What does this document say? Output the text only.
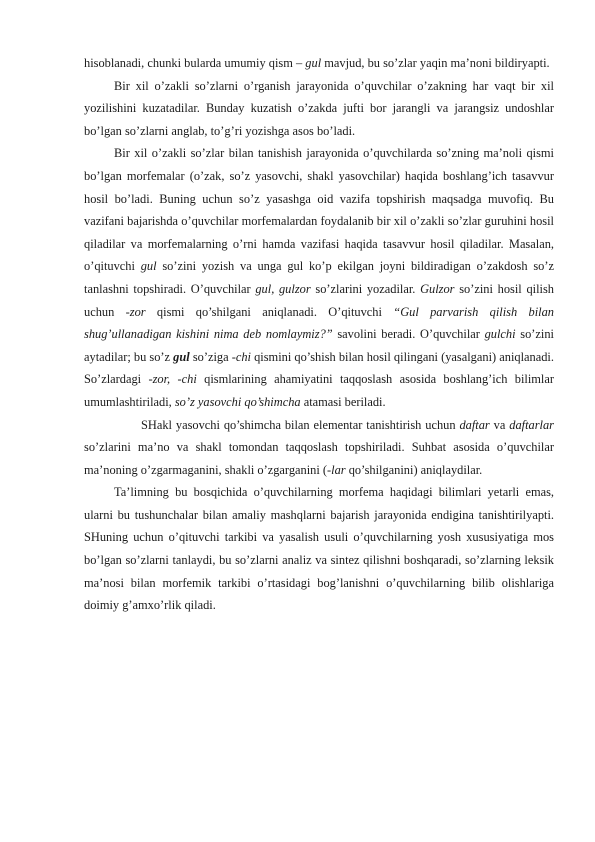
hisoblanadi, chunki bularda umumiy qism – gul mavjud, bu so’zlar yaqin ma’noni bildiryapti.

Bir xil o’zakli so’zlarni o’rganish jarayonida o’quvchilar o’zakning har vaqt bir xil yozilishini kuzatadilar. Bunday kuzatish o’zakda jufti bor jarangli va jarangsiz undoshlar bo’lgan so’zlarni anglab, to’g’ri yozishga asos bo’ladi.

Bir xil o’zakli so’zlar bilan tanishish jarayonida o’quvchilarda so’zning ma’noli qismi bo’lgan morfemalar (o’zak, so’z yasovchi, shakl yasovchilar) haqida boshlang’ich tasavvur hosil bo’ladi. Buning uchun so’z yasashga oid vazifa topshirish maqsadga muvofiq. Bu vazifani bajarishda o’quvchilar morfemalardan foydalanib bir xil o’zakli so’zlar guruhini hosil qiladilar va morfemalarning o’rni hamda vazifasi haqida tasavvur hosil qiladilar. Masalan, o’qituvchi gul so’zini yozish va unga gul ko’p ekilgan joyni bildiradigan o’zakdosh so’z tanlashni topshiradi. O’quvchilar gul, gulzor so’zlarini yozadilar. Gulzor so’zini hosil qilish uchun -zor qismi qo’shilgani aniqlanadi. O’qituvchi “Gul parvarish qilish bilan shug’ullanadigan kishini nima deb nomlaymiz?” savolini beradi. O’quvchilar gulchi so’zini aytadilar; bu so’z gul so’ziga -chi qismini qo’shish bilan hosil qilingani (yasalgani) aniqlanadi. So’zlardagi -zor, -chi qismlarining ahamiyatini taqqoslash asosida boshlang’ich bilimlar umumlashtiriladi, so’z yasovchi qo’shimcha atamasi beriladi.

SHakl yasovchi qo’shimcha bilan elementar tanishtirish uchun daftar va daftarlar so’zlarini ma’no va shakl tomondan taqqoslash topshiriladi. Suhbat asosida o’quvchilar ma’noning o’zgarmaganini, shakli o’zgarganini (-lar qo’shilganini) aniqlaydilar.

Ta’limning bu bosqichida o’quvchilarning morfema haqidagi bilimlari yetarli emas, ularni bu tushunchalar bilan amaliy mashqlarni bajarish jarayonida endigina tanishtirilyapti. SHuning uchun o’qituvchi tarkibi va yasalish usuli o’quvchilarning yosh xususiyatiga mos bo’lgan so’zlarni tanlaydi, bu so’zlarni analiz va sintez qilishni boshqaradi, so’zlarning leksik ma’nosi bilan morfemik tarkibi o’rtasidagi bog’lanishni o’quvchilarning bilib olishlariga doimiy g’amxo’rlik qiladi.
